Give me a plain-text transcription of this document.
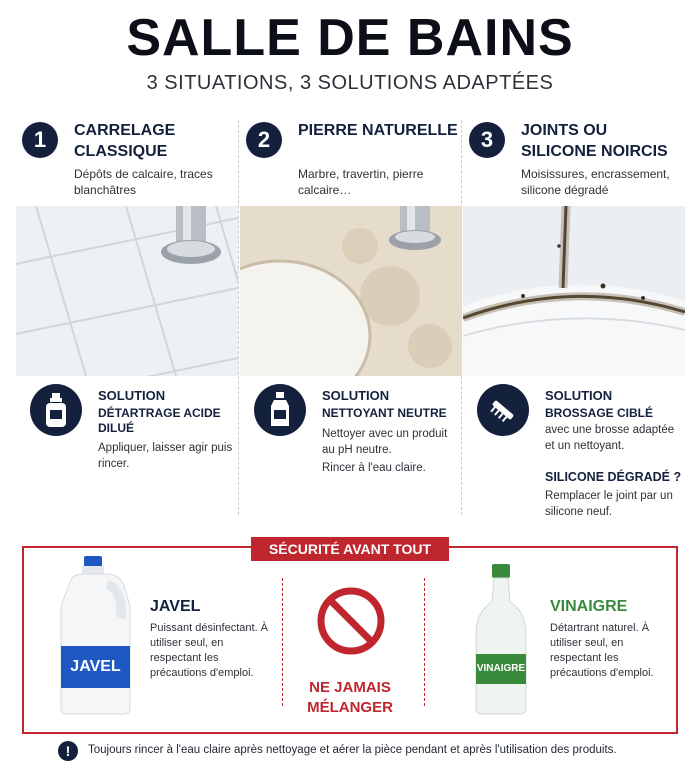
SALLE DE BAINS
3 SITUATIONS, 3 SOLUTIONS ADAPTÉES
1	CARRELAGE CLASSIQUE
Dépôts de calcaire, traces blanchâtres
SOLUTION
DÉTARTRAGE ACIDE DILUÉ
Appliquer, laisser agir puis rincer.
2	PIERRE NATURELLE
Marbre, travertin, pierre calcaire…
SOLUTION
NETTOYANT NEUTRE
Nettoyer avec un produit au pH neutre.
Rincer à l'eau claire.
3	JOINTS OU SILICONE NOIRCIS
Moisissures, encrassement, silicone dégradé
SOLUTION
BROSSAGE CIBLÉ
avec une brosse adaptée et un nettoyant.
SILICONE DÉGRADÉ ?
Remplacer le joint par un silicone neuf.
SÉCURITÉ AVANT TOUT
JAVEL
JAVEL
Puissant désinfectant. À utiliser seul, en respectant les précautions d'emploi.
NE JAMAIS MÉLANGER
VINAIGRE
VINAIGRE
Détartrant naturel. À utiliser seul, en respectant les précautions d'emploi.
!	Toujours rincer à l'eau claire après nettoyage et aérer la pièce pendant et après l'utilisation des produits.
